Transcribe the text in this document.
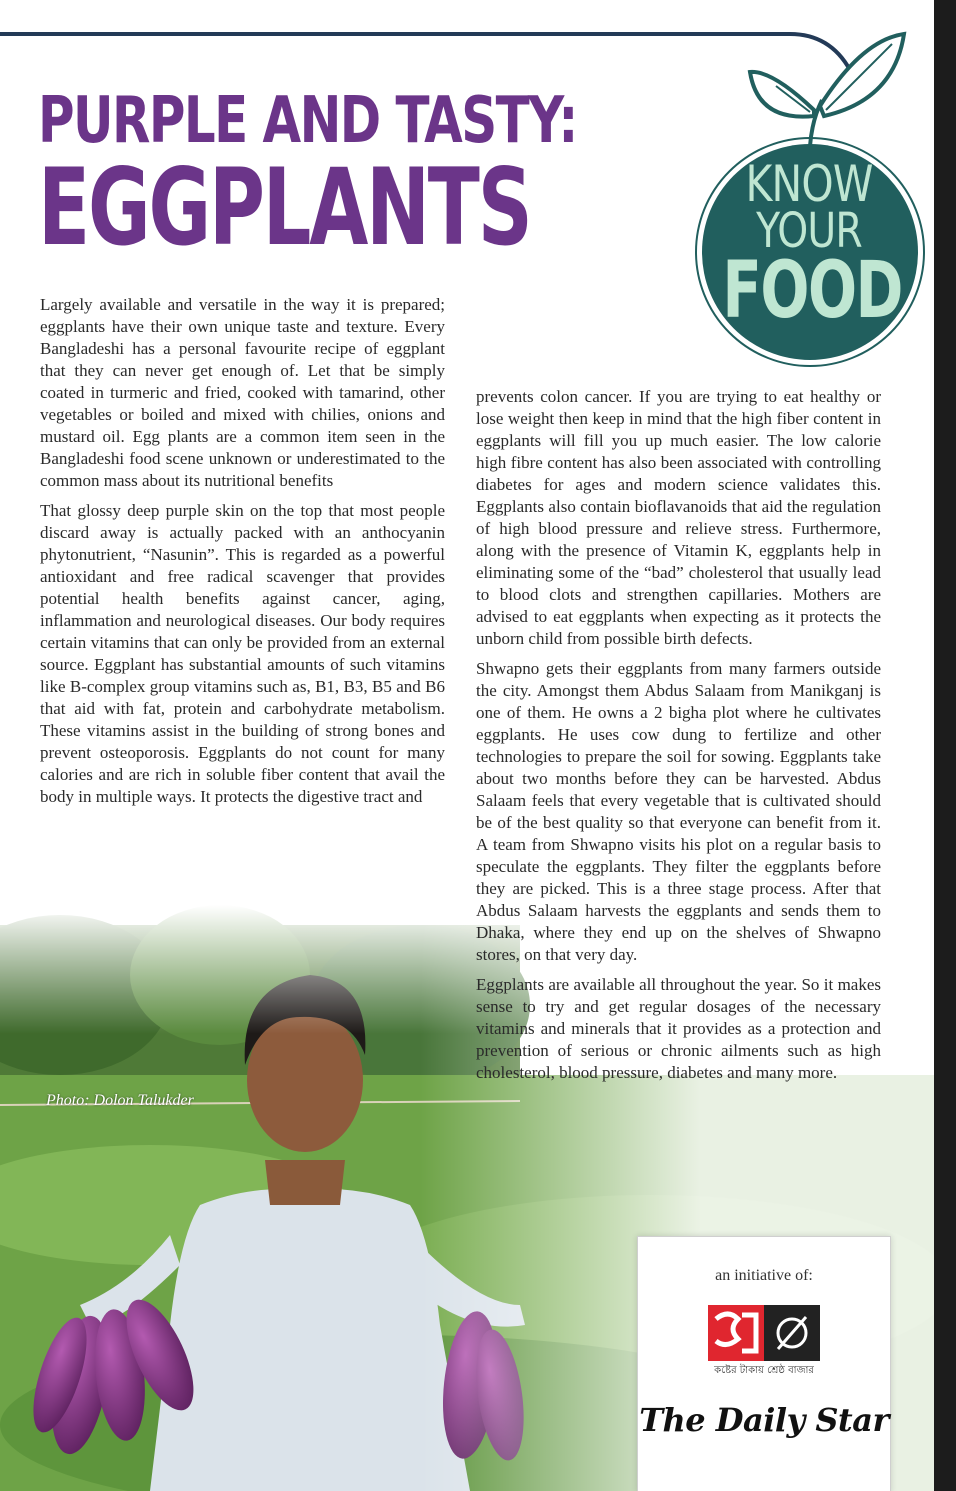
PURPLE AND TASTY:
EGGPLANTS	KNOW
YOUR
FOOD
Photo: Dolon Talukder

Largely available and versatile in the way it is prepared; eggplants have their own unique taste and texture. Every Bangladeshi has a personal favourite recipe of eggplant that they can never get enough of. Let that be simply coated in turmeric and fried, cooked with tamarind, other vegetables or boiled and mixed with chilies, onions and mustard oil. Egg plants are a common item seen in the Bangladeshi food scene unknown or underestimated to the common mass about its nutritional benefits

That glossy deep purple skin on the top that most people discard away is actually packed with an anthocyanin phytonutrient, “Nasunin”. This is regarded as a powerful antioxidant and free radical scavenger that provides potential health benefits against cancer, aging, inflammation and neurological diseases. Our body requires certain vitamins that can only be provided from an external source. Eggplant has substantial amounts of such vitamins like B-complex group vitamins such as, B1, B3, B5 and B6 that aid with fat, protein and carbohydrate metabolism. These vitamins assist in the building of strong bones and prevent osteoporosis. Eggplants do not count for many calories and are rich in soluble fiber content that avail the body in multiple ways. It protects the digestive tract and

prevents colon cancer. If you are trying to eat healthy or lose weight then keep in mind that the high fiber content in eggplants will fill you up much easier. The low calorie high fibre content has also been associated with controlling diabetes for ages and modern science validates this. Eggplants also contain bioflavanoids that aid the regulation of high blood pressure and relieve stress. Furthermore, along with the presence of Vitamin K, eggplants help in eliminating some of the “bad” cholesterol that usually lead to blood clots and strengthen capillaries. Mothers are advised to eat eggplants when expecting as it protects the unborn child from possible birth defects.

Shwapno gets their eggplants from many farmers outside the city. Amongst them Abdus Salaam from Manikganj is one of them. He owns a 2 bigha plot where he cultivates eggplants. He uses cow dung to fertilize and other technologies to prepare the soil for sowing. Eggplants take about two months before they can be harvested. Abdus Salaam feels that every vegetable that is cultivated should be of the best quality so that everyone can benefit from it. A team from Shwapno visits his plot on a regular basis to speculate the eggplants. They filter the eggplants before they are picked. This is a three stage process. After that Abdus Salaam harvests the eggplants and sends them to Dhaka, where they end up on the shelves of Shwapno stores, on that very day.

Eggplants are available all throughout the year. So it makes sense to try and get regular dosages of the necessary vitamins and minerals that it provides as a protection and prevention of serious or chronic ailments such as high cholesterol, blood pressure, diabetes and many more.

an initiative of:
কষ্টের টাকায় শ্রেষ্ঠ বাজার
The Daily Star
